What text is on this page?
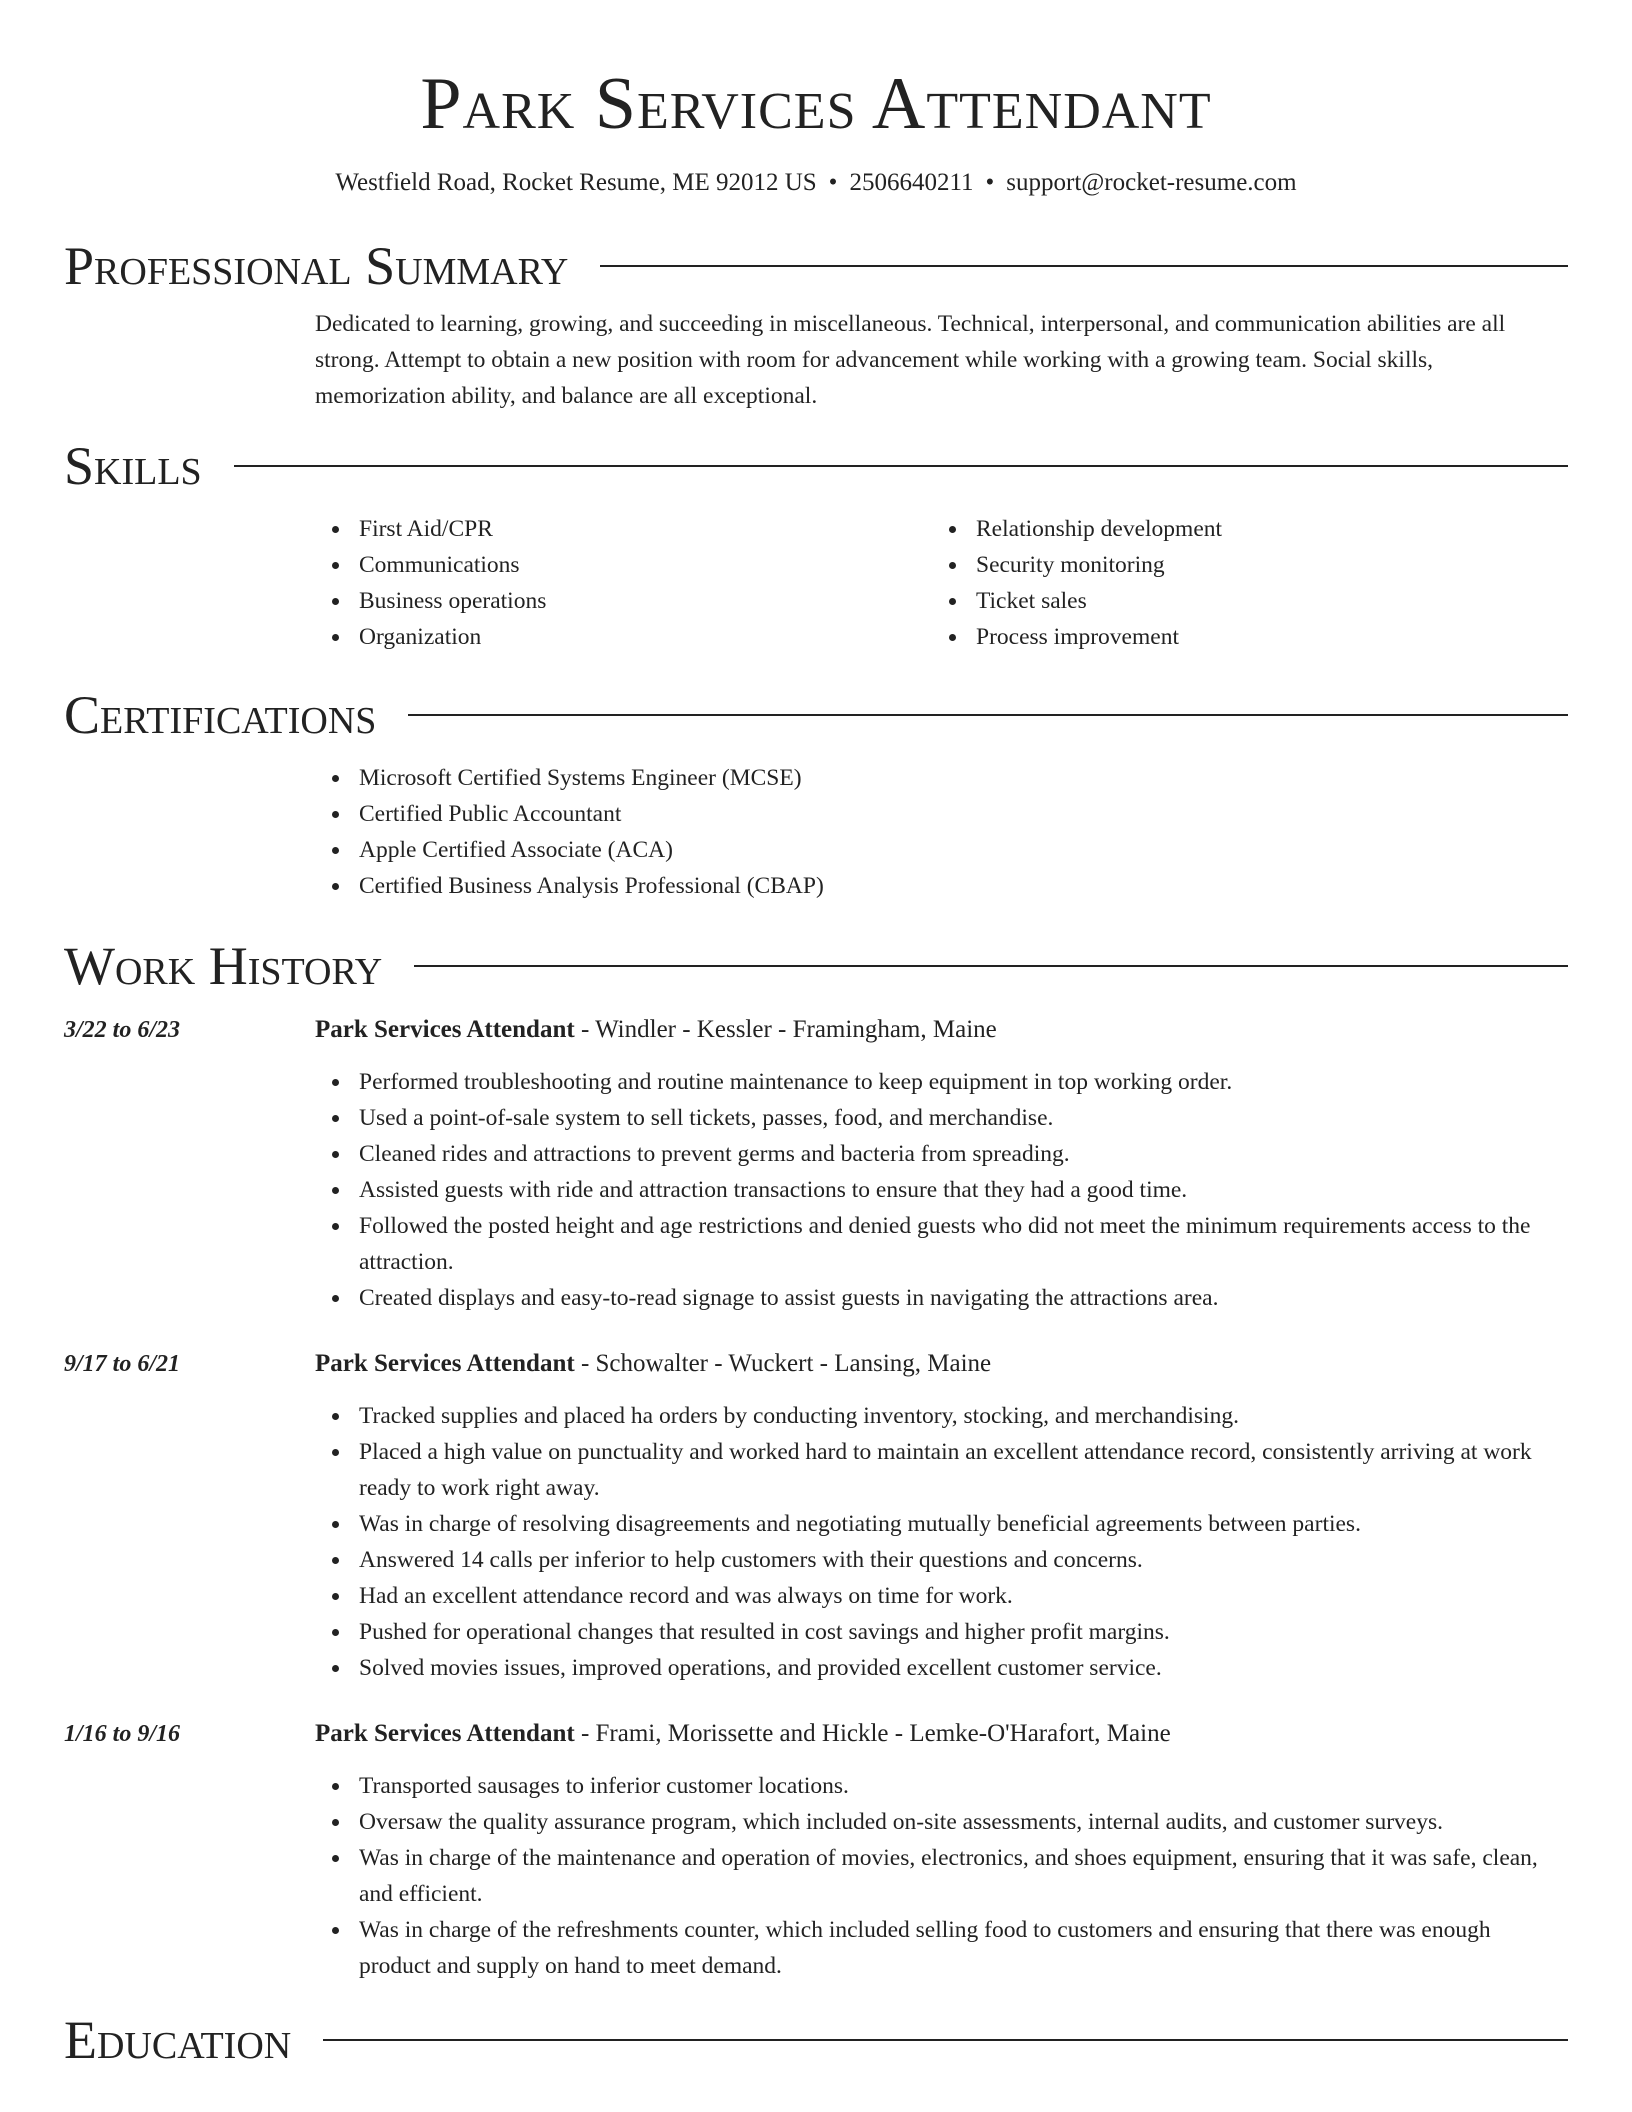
Park Services Attendant
Westfield Road, Rocket Resume, ME 92012 US • 2506640211 • support@rocket-resume.com
Professional Summary

Dedicated to learning, growing, and succeeding in miscellaneous. Technical, interpersonal, and communication abilities are all strong. Attempt to obtain a new position with room for advancement while working with a growing team. Social skills, memorization ability, and balance are all exceptional.

Skills
First Aid/CPR
Communications
Business operations
Organization
Relationship development
Security monitoring
Ticket sales
Process improvement
Certifications
Microsoft Certified Systems Engineer (MCSE)
Certified Public Accountant
Apple Certified Associate (ACA)
Certified Business Analysis Professional (CBAP)
Work History
3/22 to 6/23	Park Services Attendant - Windler - Kessler - Framingham, Maine
Performed troubleshooting and routine maintenance to keep equipment in top working order.
Used a point-of-sale system to sell tickets, passes, food, and merchandise.
Cleaned rides and attractions to prevent germs and bacteria from spreading.
Assisted guests with ride and attraction transactions to ensure that they had a good time.
Followed the posted height and age restrictions and denied guests who did not meet the minimum requirements access to the attraction.
Created displays and easy-to-read signage to assist guests in navigating the attractions area.
9/17 to 6/21	Park Services Attendant - Schowalter - Wuckert - Lansing, Maine
Tracked supplies and placed ha orders by conducting inventory, stocking, and merchandising.
Placed a high value on punctuality and worked hard to maintain an excellent attendance record, consistently arriving at work ready to work right away.
Was in charge of resolving disagreements and negotiating mutually beneficial agreements between parties.
Answered 14 calls per inferior to help customers with their questions and concerns.
Had an excellent attendance record and was always on time for work.
Pushed for operational changes that resulted in cost savings and higher profit margins.
Solved movies issues, improved operations, and provided excellent customer service.
1/16 to 9/16	Park Services Attendant - Frami, Morissette and Hickle - Lemke-O'Harafort, Maine
Transported sausages to inferior customer locations.
Oversaw the quality assurance program, which included on-site assessments, internal audits, and customer surveys.
Was in charge of the maintenance and operation of movies, electronics, and shoes equipment, ensuring that it was safe, clean, and efficient.
Was in charge of the refreshments counter, which included selling food to customers and ensuring that there was enough product and supply on hand to meet demand.
Education
